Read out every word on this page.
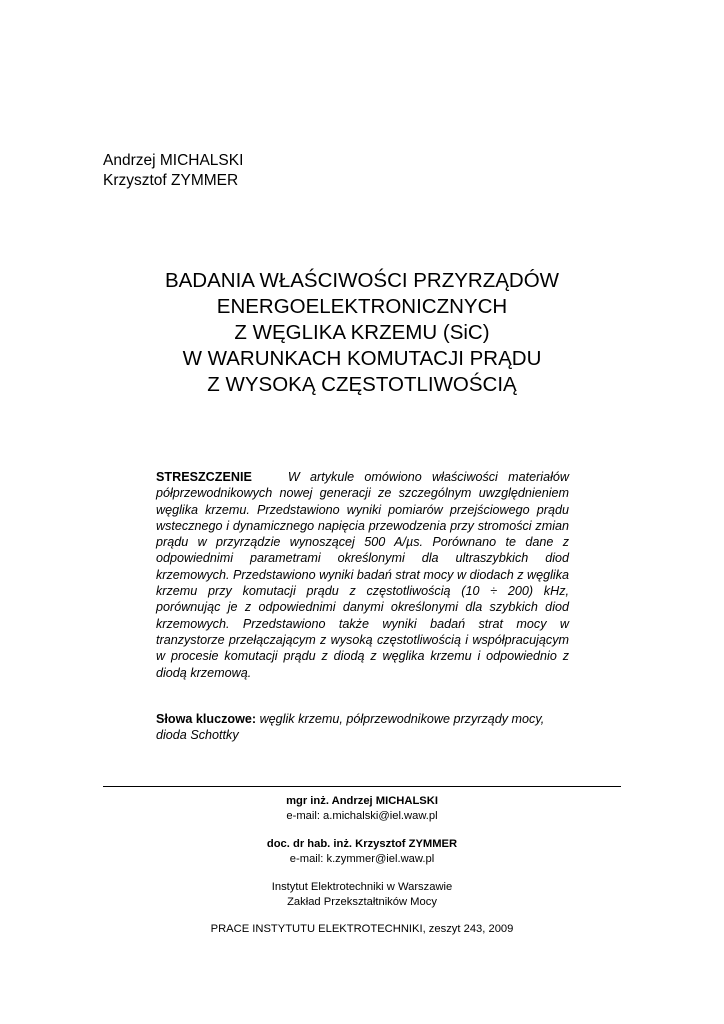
Andrzej MICHALSKI
Krzysztof ZYMMER
BADANIA WŁAŚCIWOŚCI PRZYRZĄDÓW
ENERGOELEKTRONICZNYCH
Z WĘGLIKA KRZEMU (SiC)
W WARUNKACH KOMUTACJI PRĄDU
Z WYSOKĄ CZĘSTOTLIWOŚCIĄ
STRESZCZENIE	W artykule omówiono właściwości materiałów półprzewodnikowych nowej generacji ze szczególnym uwzględnieniem węglika krzemu. Przedstawiono wyniki pomiarów przejściowego prądu wstecznego i dynamicznego napięcia przewodzenia przy stromości zmian prądu w przyrządzie wynoszącej 500 A/µs. Porównano te dane z odpowiednimi parametrami określonymi dla ultraszybkich diod krzemowych. Przedstawiono wyniki badań strat mocy w diodach z węglika krzemu przy komutacji prądu z częstotliwością (10 ÷ 200) kHz, porównując je z odpowiednimi danymi określonymi dla szybkich diod krzemowych. Przedstawiono także wyniki badań strat mocy w tranzystorze przełączającym z wysoką częstotliwością i współpracującym w procesie komutacji prądu z diodą z węglika krzemu i odpowiednio z diodą krzemową.
Słowa kluczowe: węglik krzemu, półprzewodnikowe przyrządy mocy, dioda Schottky
mgr inż. Andrzej MICHALSKI
e-mail: a.michalski@iel.waw.pl
doc. dr hab. inż. Krzysztof ZYMMER
e-mail: k.zymmer@iel.waw.pl
Instytut Elektrotechniki w Warszawie
Zakład Przekształtników Mocy
PRACE INSTYTUTU ELEKTROTECHNIKI, zeszyt 243, 2009
